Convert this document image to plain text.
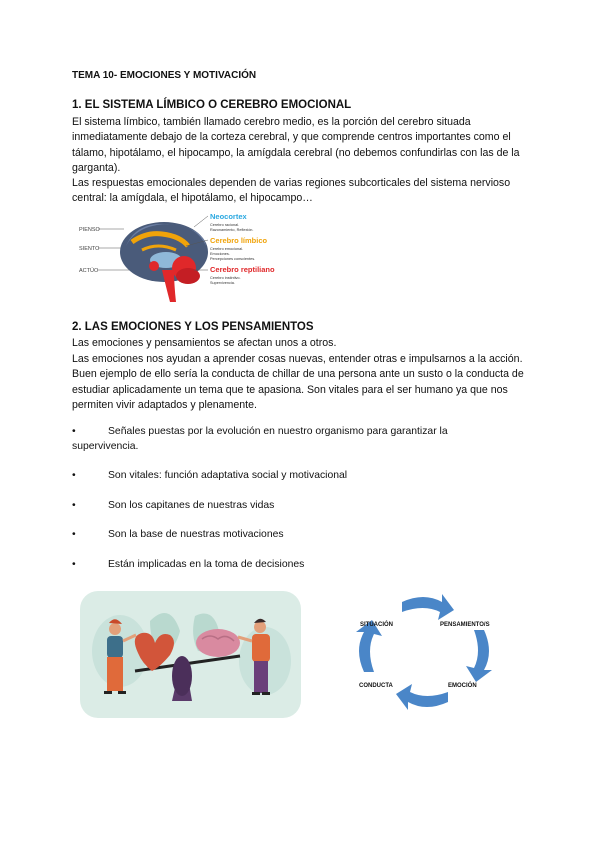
TEMA 10- EMOCIONES Y MOTIVACIÓN
1. EL SISTEMA LÍMBICO O CEREBRO EMOCIONAL
El sistema límbico, también llamado cerebro medio, es la porción del cerebro situada inmediatamente debajo de la corteza cerebral, y que comprende centros importantes como el tálamo, hipotálamo, el hipocampo, la amígdala cerebral (no debemos confundirlas con las de la garganta).
Las respuestas emocionales dependen de varias regiones subcorticales del sistema nervioso central: la amígdala, el hipotálamo, el hipocampo…
PIENSO
SIENTO
ACTÚO
Neocortex
Cerebro racional.
Razonamiento, Reflexión.
Cerebro límbico
Cerebro emocional.
Emociones.
Percepciones conscientes.
Cerebro reptiliano
Cerebro instintivo.
Supervivencia.
2. LAS EMOCIONES Y LOS PENSAMIENTOS
Las emociones y pensamientos se afectan unos a otros.
Las emociones nos ayudan a aprender cosas nuevas, entender otras e impulsarnos a la acción. Buen ejemplo de ello sería la conducta de chillar de una persona ante un susto o la conducta de estudiar aplicadamente un tema que te apasiona. Son vitales para el ser humano ya que nos permiten vivir adaptados y plenamente.
•	Señales puestas por la evolución en nuestro organismo para garantizar la supervivencia.
•	Son vitales: función adaptativa social y motivacional
•	Son los capitanes de nuestras vidas
•	Son la base de nuestras motivaciones
•	Están implicadas en la toma de decisiones
SITUACIÓN	PENSAMIENTO/S
EMOCIÓN
CONDUCTA
